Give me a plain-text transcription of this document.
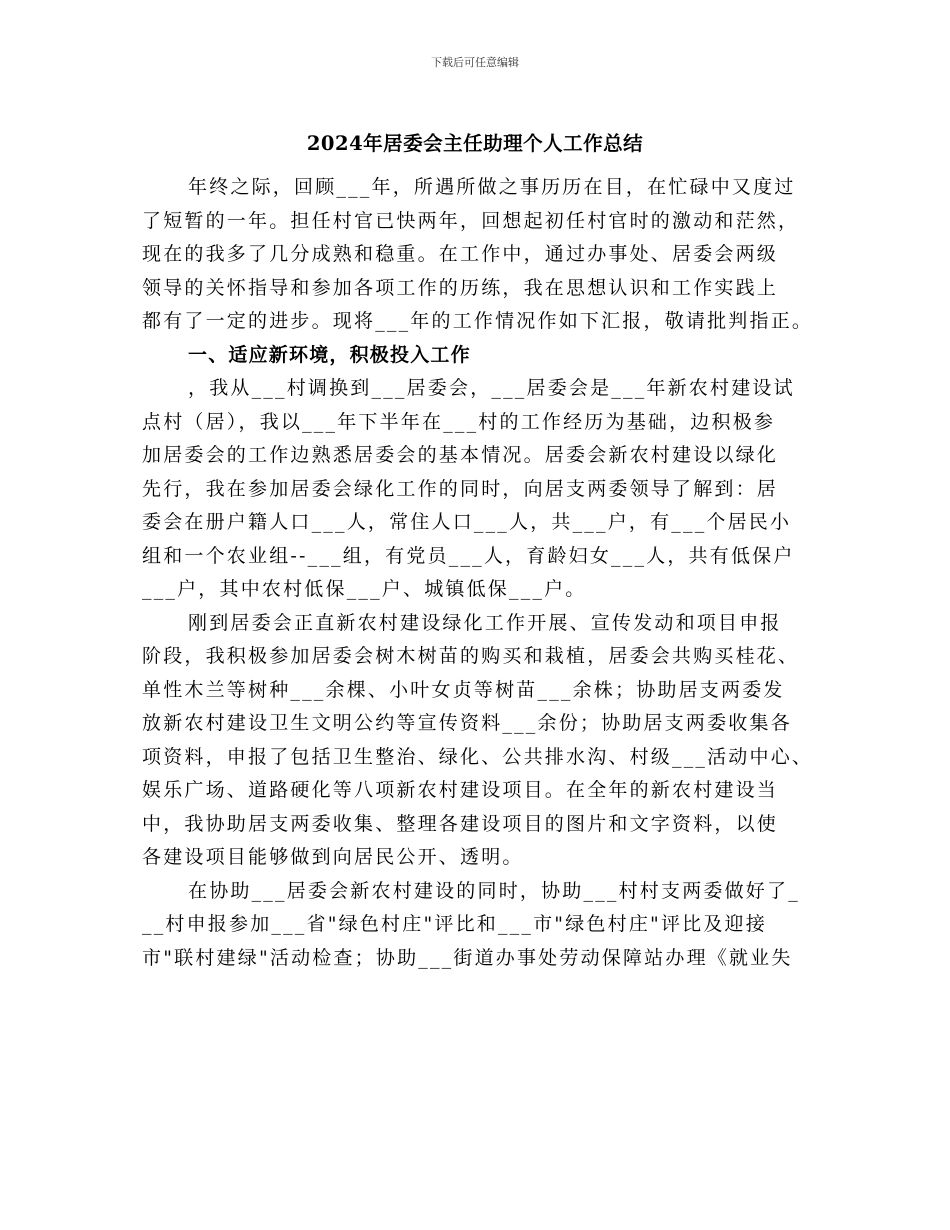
下载后可任意编辑
2024年居委会主任助理个人工作总结
年终之际，回顾___年，所遇所做之事历历在目，在忙碌中又度过
了短暂的一年。担任村官已快两年，回想起初任村官时的激动和茫然，
现在的我多了几分成熟和稳重。在工作中，通过办事处、居委会两级
领导的关怀指导和参加各项工作的历练，我在思想认识和工作实践上
都有了一定的进步。现将___年的工作情况作如下汇报，敬请批判指正。
一、适应新环境，积极投入工作
，我从___村调换到___居委会，___居委会是___年新农村建设试
点村（居），我以___年下半年在___村的工作经历为基础，边积极参
加居委会的工作边熟悉居委会的基本情况。居委会新农村建设以绿化
先行，我在参加居委会绿化工作的同时，向居支两委领导了解到：居
委会在册户籍人口___人，常住人口___人，共___户，有___个居民小
组和一个农业组--___组，有党员___人，育龄妇女___人，共有低保户
___户，其中农村低保___户、城镇低保___户。
刚到居委会正直新农村建设绿化工作开展、宣传发动和项目申报
阶段，我积极参加居委会树木树苗的购买和栽植，居委会共购买桂花、
单性木兰等树种___余棵、小叶女贞等树苗___余株；协助居支两委发
放新农村建设卫生文明公约等宣传资料___余份；协助居支两委收集各
项资料，申报了包括卫生整治、绿化、公共排水沟、村级___活动中心、
娱乐广场、道路硬化等八项新农村建设项目。在全年的新农村建设当
中，我协助居支两委收集、整理各建设项目的图片和文字资料，以使
各建设项目能够做到向居民公开、透明。
在协助___居委会新农村建设的同时，协助___村村支两委做好了_
__村申报参加___省"绿色村庄"评比和___市"绿色村庄"评比及迎接
市"联村建绿"活动检查；协助___街道办事处劳动保障站办理《就业失
